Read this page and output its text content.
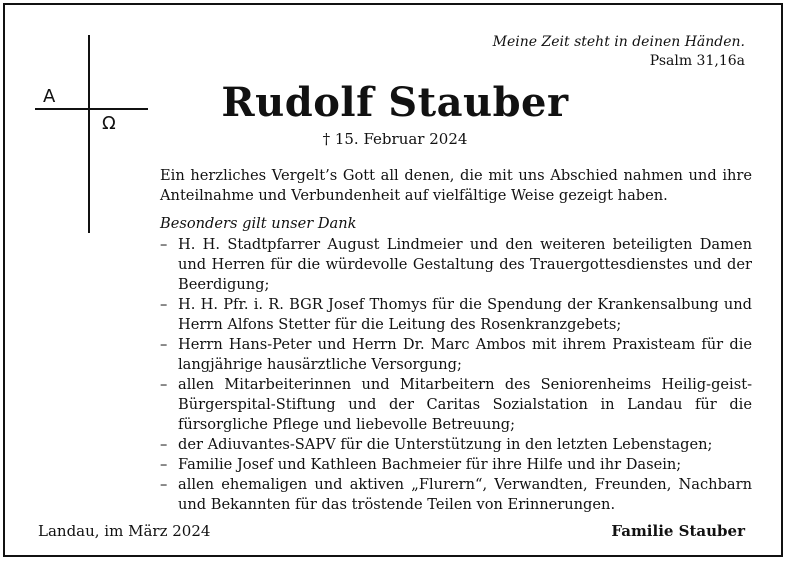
A
Ω
Meine Zeit steht in deinen Händen.
Psalm 31,16a
Rudolf Stauber
† 15. Februar 2024

Ein herzliches Vergelt’s Gott all denen, die mit uns Abschied nahmen und ihre Anteilnahme und Verbundenheit auf vielfältige Weise gezeigt haben.

Besonders gilt unser Dank

– H. H. Stadtpfarrer August Lindmeier und den weiteren beteiligten Damen und Herren für die würdevolle Gestaltung des Trauergottesdienstes und der Beerdigung;
– H. H. Pfr. i. R. BGR Josef Thomys für die Spendung der Krankensalbung und Herrn Alfons Stetter für die Leitung des Rosenkranzgebets;
– Herrn Hans-Peter und Herrn Dr. Marc Ambos mit ihrem Praxisteam für die langjährige hausärztliche Versorgung;
– allen Mitarbeiterinnen und Mitarbeitern des Seniorenheims Heilig-geist-Bürgerspital-Stiftung und der Caritas Sozialstation in Landau für die fürsorgliche Pflege und liebevolle Betreuung;
– der Adiuvantes-SAPV für die Unterstützung in den letzten Lebenstagen;
– Familie Josef und Kathleen Bachmeier für ihre Hilfe und ihr Dasein;
– allen ehemaligen und aktiven „Flurern“, Verwandten, Freunden, Nachbarn und Bekannten für das tröstende Teilen von Erinnerungen.
Landau, im März 2024	Familie Stauber
